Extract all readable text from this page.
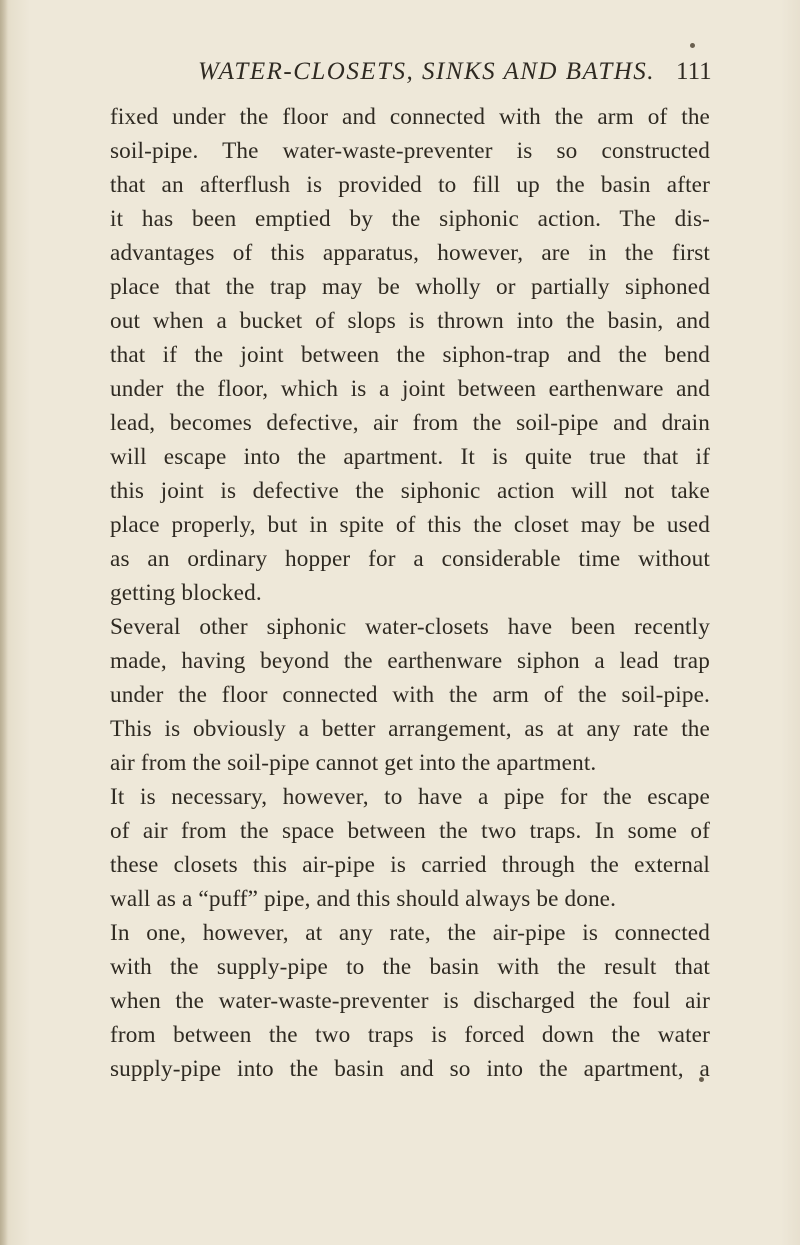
WATER-CLOSETS, SINKS AND BATHS. 111
fixed under the floor and connected with the arm of the
soil-pipe. The water-waste-preventer is so constructed
that an afterflush is provided to fill up the basin after
it has been emptied by the siphonic action. The dis-
advantages of this apparatus, however, are in the first
place that the trap may be wholly or partially siphoned
out when a bucket of slops is thrown into the basin, and
that if the joint between the siphon-trap and the bend
under the floor, which is a joint between earthenware and
lead, becomes defective, air from the soil-pipe and drain
will escape into the apartment. It is quite true that if
this joint is defective the siphonic action will not take
place properly, but in spite of this the closet may be used
as an ordinary hopper for a considerable time without
getting blocked.
Several other siphonic water-closets have been recently
made, having beyond the earthenware siphon a lead trap
under the floor connected with the arm of the soil-pipe.
This is obviously a better arrangement, as at any rate the
air from the soil-pipe cannot get into the apartment.
It is necessary, however, to have a pipe for the escape
of air from the space between the two traps. In some of
these closets this air-pipe is carried through the external
wall as a “puff” pipe, and this should always be done.
In one, however, at any rate, the air-pipe is connected
with the supply-pipe to the basin with the result that
when the water-waste-preventer is discharged the foul air
from between the two traps is forced down the water
supply-pipe into the basin and so into the apartment, a
